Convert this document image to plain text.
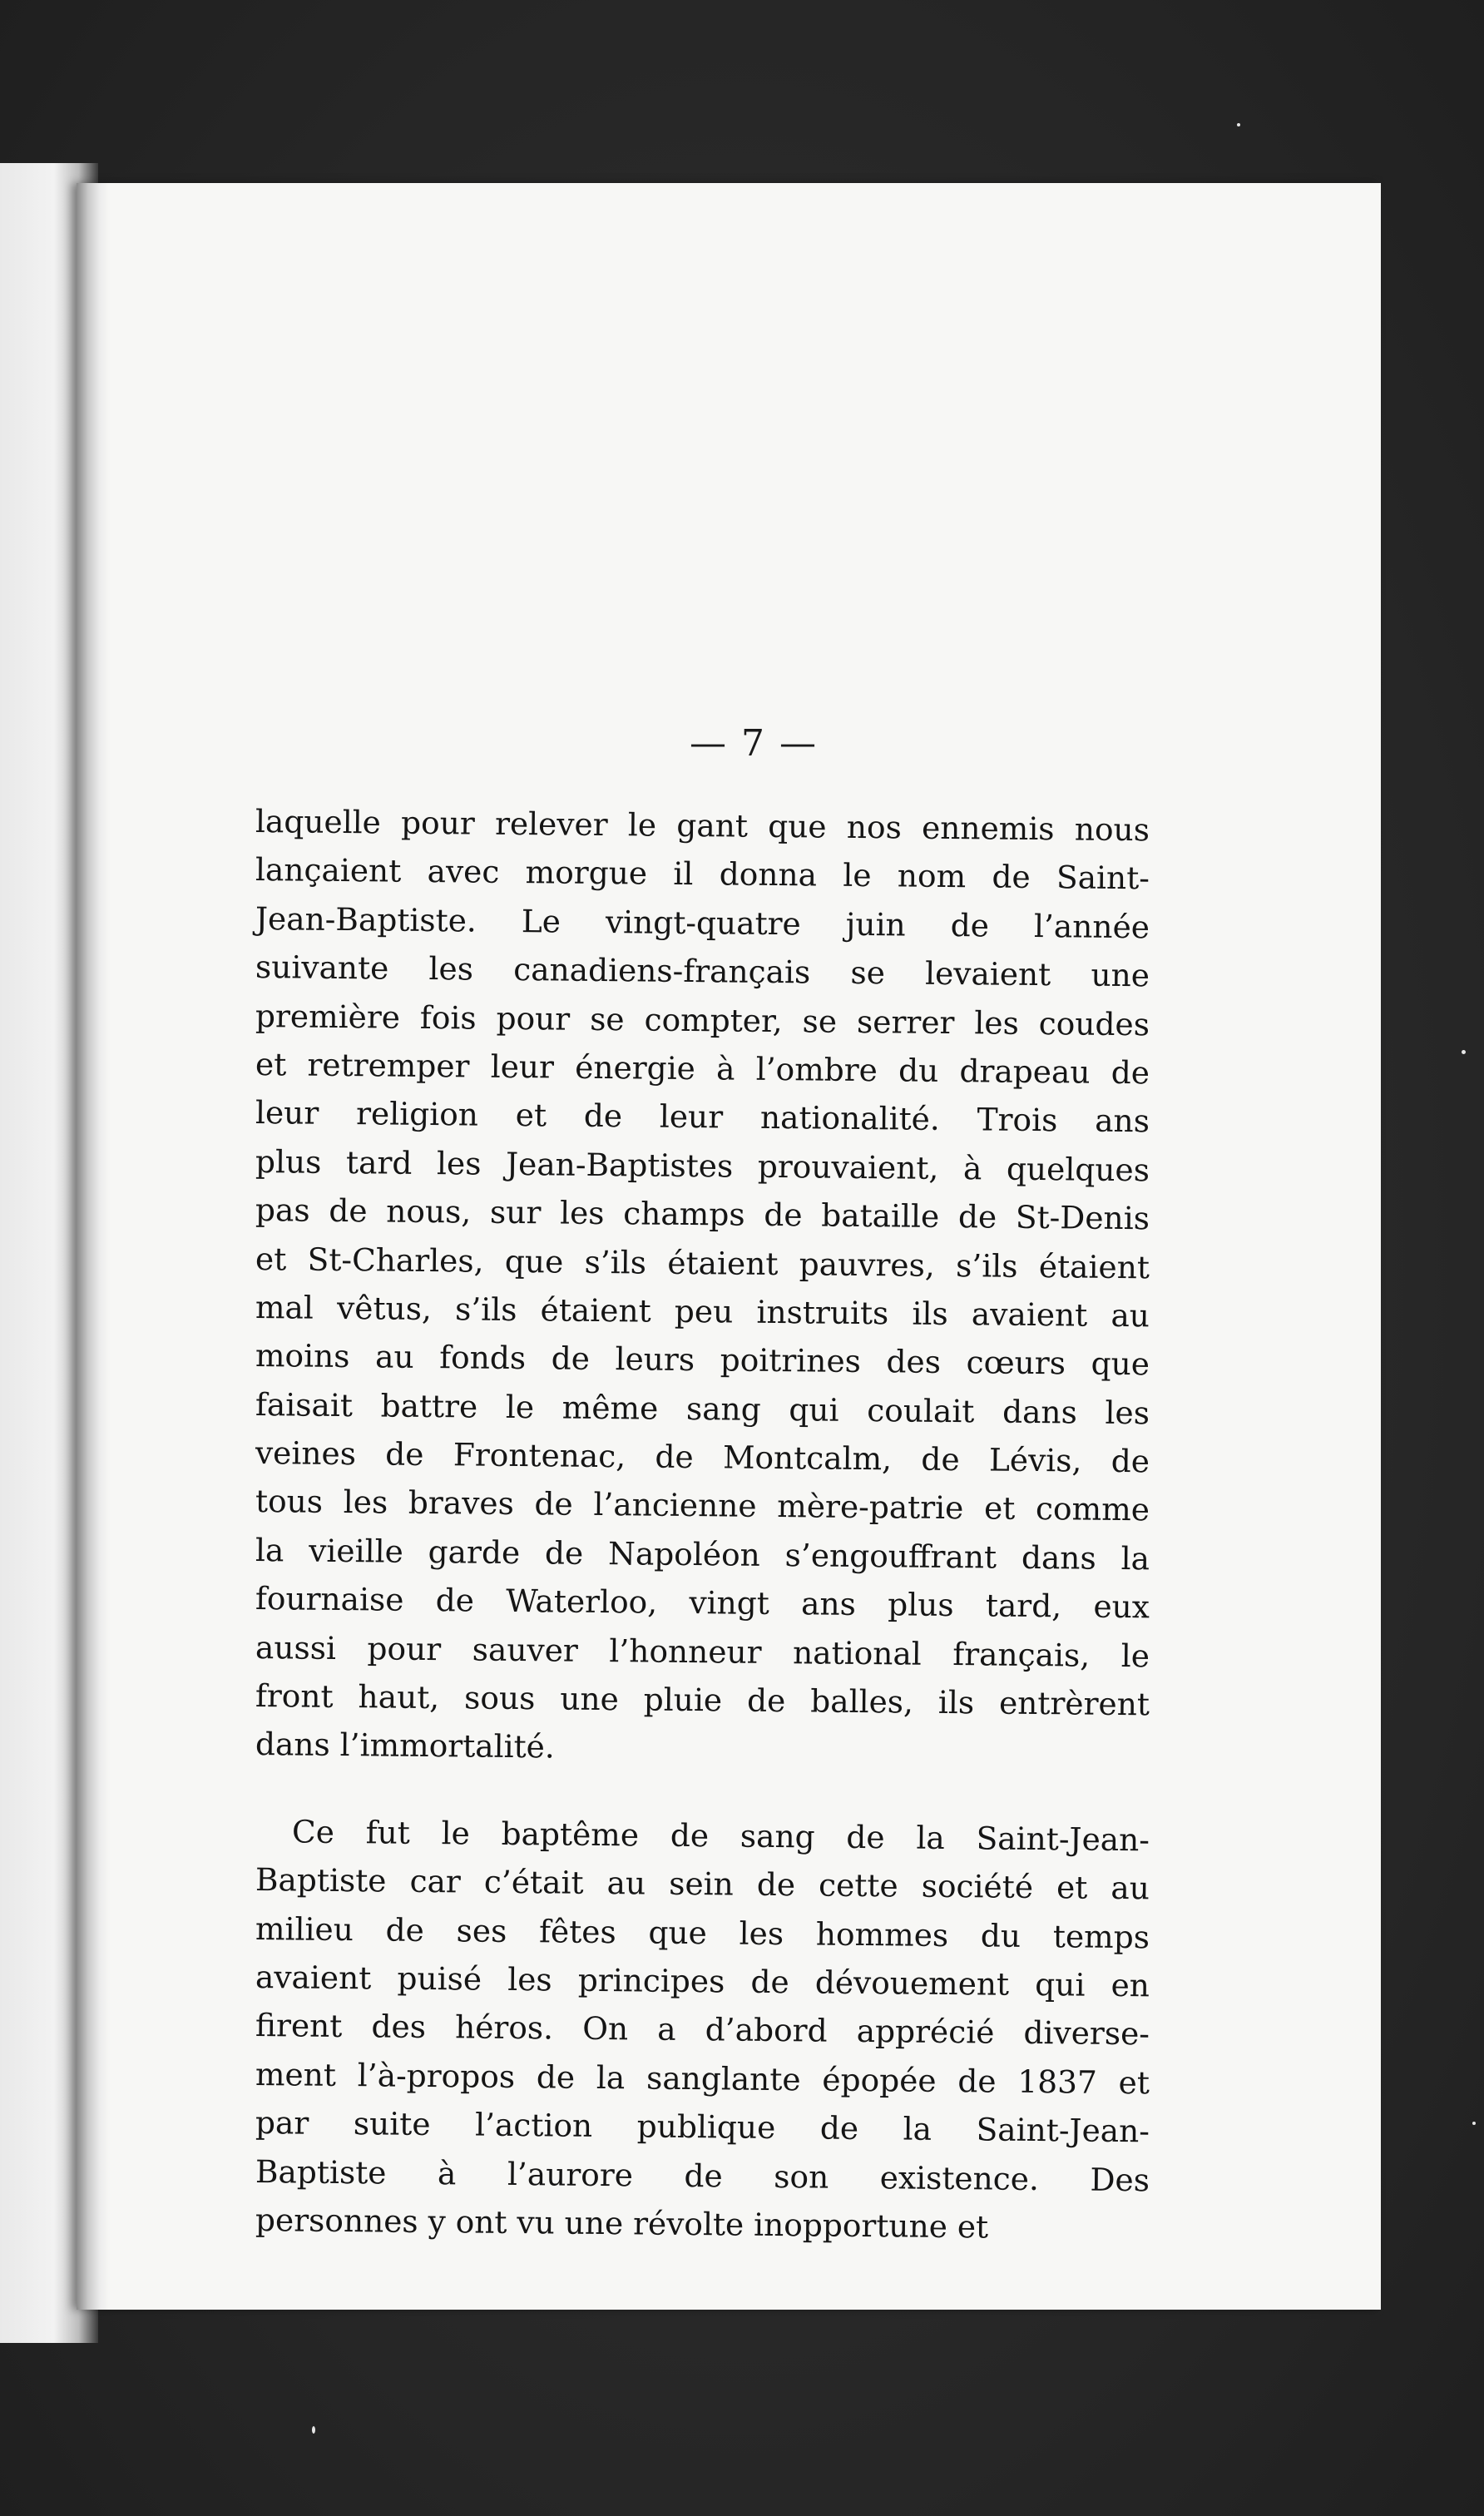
— 7 —
laquelle pour relever le gant que nos ennemis nous
lançaient avec morgue il donna le nom de Saint-
Jean-Baptiste. Le vingt-quatre juin de l’année
suivante les canadiens-français se levaient une
première fois pour se compter, se serrer les coudes
et retremper leur énergie à l’ombre du drapeau de
leur religion et de leur nationalité. Trois ans
plus tard les Jean-Baptistes prouvaient, à quelques
pas de nous, sur les champs de bataille de St-Denis
et St-Charles, que s’ils étaient pauvres, s’ils étaient
mal vêtus, s’ils étaient peu instruits ils avaient au
moins au fonds de leurs poitrines des cœurs que
faisait battre le même sang qui coulait dans les
veines de Frontenac, de Montcalm, de Lévis, de
tous les braves de l’ancienne mère-patrie et comme
la vieille garde de Napoléon s’engouffrant dans la
fournaise de Waterloo, vingt ans plus tard, eux
aussi pour sauver l’honneur national français, le
front haut, sous une pluie de balles, ils entrèrent
dans l’immortalité.
Ce fut le baptême de sang de la Saint-Jean-
Baptiste car c’était au sein de cette société et au
milieu de ses fêtes que les hommes du temps
avaient puisé les principes de dévouement qui en
firent des héros. On a d’abord apprécié diverse-
ment l’à-propos de la sanglante épopée de 1837 et
par suite l’action publique de la Saint-Jean-
Baptiste à l’aurore de son existence. Des
personnes y ont vu une révolte inopportune et
